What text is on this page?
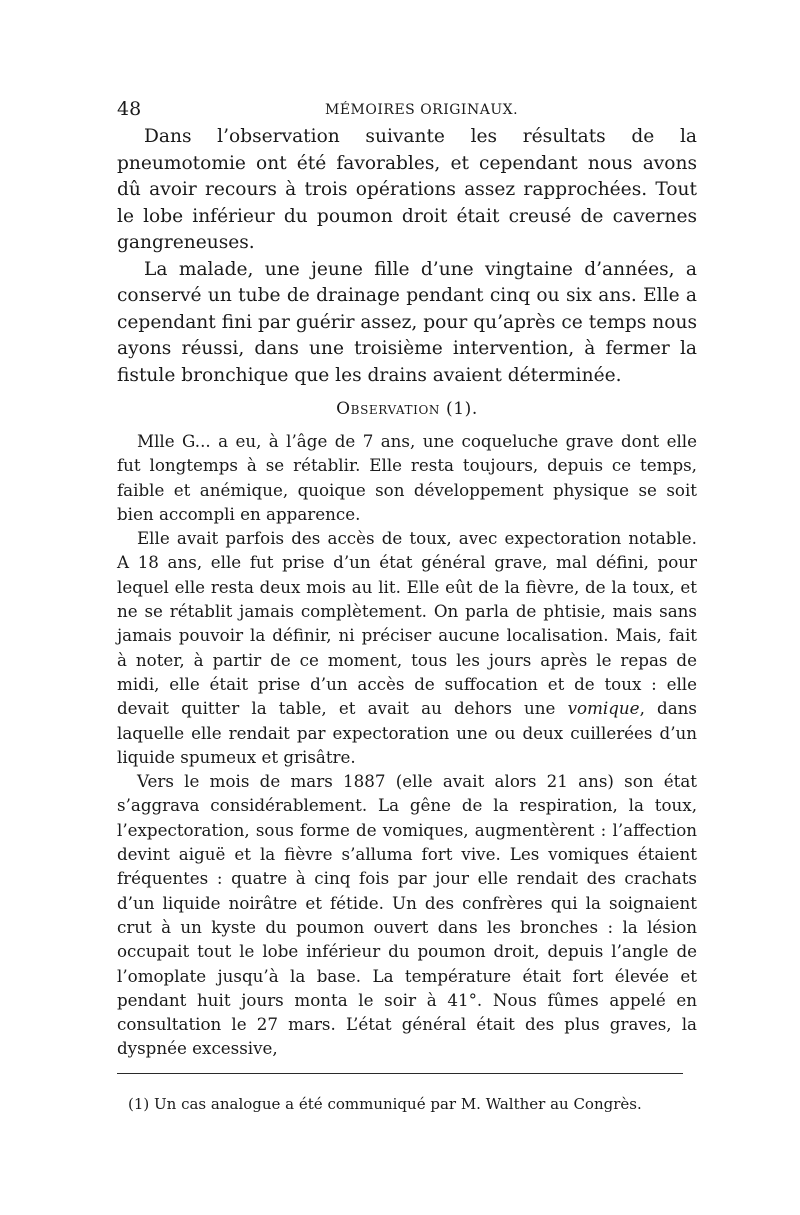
48	MÉMOIRES ORIGINAUX.

Dans l’observation suivante les résultats de la pneumotomie ont été favorables, et cependant nous avons dû avoir recours à trois opérations assez rapprochées. Tout le lobe inférieur du poumon droit était creusé de cavernes gangreneuses.

La malade, une jeune fille d’une vingtaine d’années, a conservé un tube de drainage pendant cinq ou six ans. Elle a cependant fini par guérir assez, pour qu’après ce temps nous ayons réussi, dans une troisième intervention, à fermer la fistule bronchique que les drains avaient déterminée.

Observation (1).

Mlle G... a eu, à l’âge de 7 ans, une coqueluche grave dont elle fut longtemps à se rétablir. Elle resta toujours, depuis ce temps, faible et anémique, quoique son développement physique se soit bien accompli en apparence.

Elle avait parfois des accès de toux, avec expectoration notable. A 18 ans, elle fut prise d’un état général grave, mal défini, pour lequel elle resta deux mois au lit. Elle eût de la fièvre, de la toux, et ne se rétablit jamais complètement. On parla de phtisie, mais sans jamais pouvoir la définir, ni préciser aucune localisation. Mais, fait à noter, à partir de ce moment, tous les jours après le repas de midi, elle était prise d’un accès de suffocation et de toux : elle devait quitter la table, et avait au dehors une vomique, dans laquelle elle rendait par expectoration une ou deux cuillerées d’un liquide spumeux et grisâtre.

Vers le mois de mars 1887 (elle avait alors 21 ans) son état s’aggrava considérablement. La gêne de la respiration, la toux, l’expectoration, sous forme de vomiques, augmentèrent : l’affection devint aiguë et la fièvre s’alluma fort vive. Les vomiques étaient fréquentes : quatre à cinq fois par jour elle rendait des crachats d’un liquide noirâtre et fétide. Un des confrères qui la soignaient crut à un kyste du poumon ouvert dans les bronches : la lésion occupait tout le lobe inférieur du poumon droit, depuis l’angle de l’omoplate jusqu’à la base. La température était fort élevée et pendant huit jours monta le soir à 41°. Nous fûmes appelé en consultation le 27 mars. L’état général était des plus graves, la dyspnée excessive,

(1) Un cas analogue a été communiqué par M. Walther au Congrès.
